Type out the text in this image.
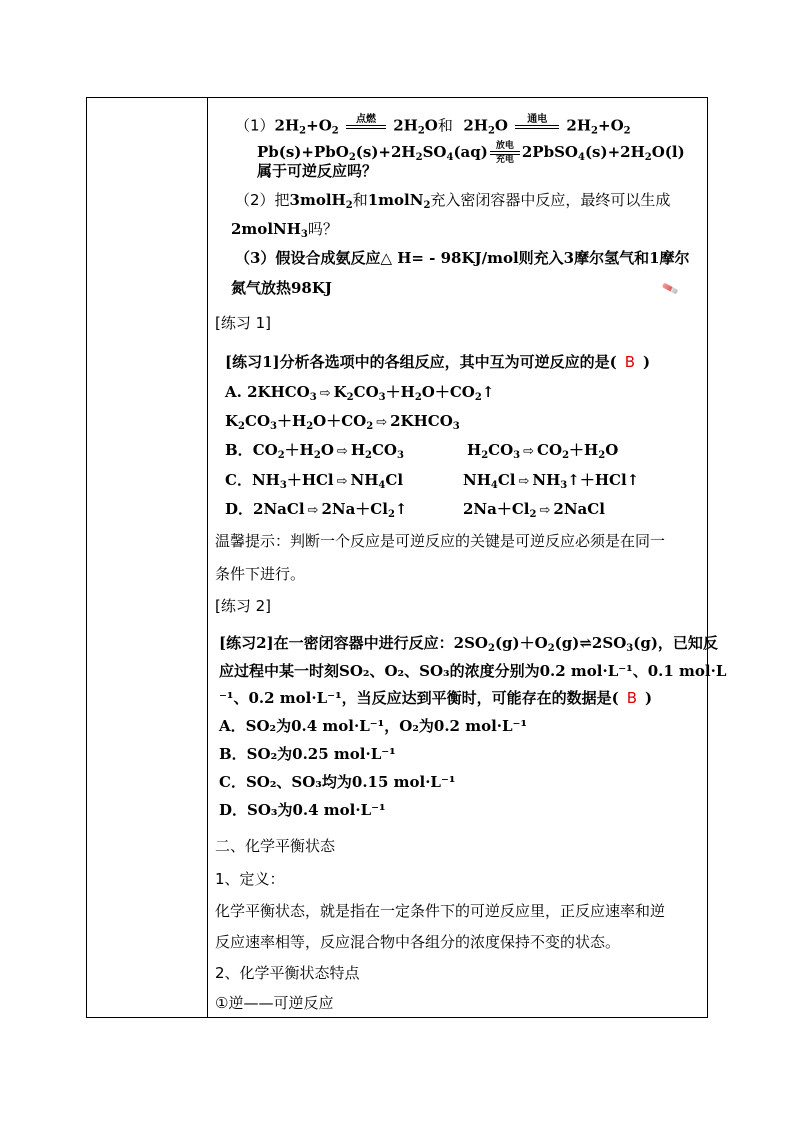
$(1)2H_2+O_2$
点燃
$2H_2O$和  $2H_2O$	通电
$2H_2+O_2$
$Pb(s)+PbO_2(s)+2H_2SO_4(aq)$ 放电
充电 $2PbSO_4(s)+2H_2O(l)$
属于可逆反应吗？
（2）把3molH$_2$和1molN$_2$充入密闭容器中反应，最终可以生成
2molNH$_3$吗？
（3）假设合成氨反应△ H= - 98KJ/mol则充入3摩尔氢气和1摩尔
氮气放热98KJ
[练习 1]
[练习1]分析各选项中的各组反应，其中互为可逆反应的是( B )
A. $2KHCO_3$ ⇨ $K_2CO_3+H_2O+CO_2↑$
$K_2CO_3+H_2O+CO_2$ ⇨ $2KHCO_3$
B．$CO_2+H_2O$ ⇨ $H_2CO_3$	$H_2CO_3$ ⇨ $CO_2+H_2O$
C．$NH_3+HCl$ ⇨ $NH_4Cl$	$NH_4Cl$ ⇨ $NH_3↑+HCl↑$
D．2NaCl ⇨ $2Na+Cl_2↑$	$2Na+Cl_2$ ⇨ 2NaCl
温馨提示：判断一个反应是可逆反应的关键是可逆反应必须是在同一
条件下进行。
[练习 2]
[练习2]在一密闭容器中进行反应：$2SO_2(g)+O_2(g)\rightleftharpoons 2SO_3(g)$，已知反
应过程中某一时刻SO₂、O₂、SO₃的浓度分别为0.2 mol·L⁻¹、0.1 mol·L
⁻¹、0.2 mol·L⁻¹，当反应达到平衡时，可能存在的数据是( B )
A．SO₂为0.4 mol·L⁻¹，O₂为0.2 mol·L⁻¹
B．SO₂为0.25 mol·L⁻¹
C．SO₂、SO₃均为0.15 mol·L⁻¹
D．SO₃为0.4 mol·L⁻¹
二、化学平衡状态
1、定义：
化学平衡状态，就是指在一定条件下的可逆反应里，正反应速率和逆
反应速率相等，反应混合物中各组分的浓度保持不变的状态。
2、化学平衡状态特点
①逆——可逆反应
